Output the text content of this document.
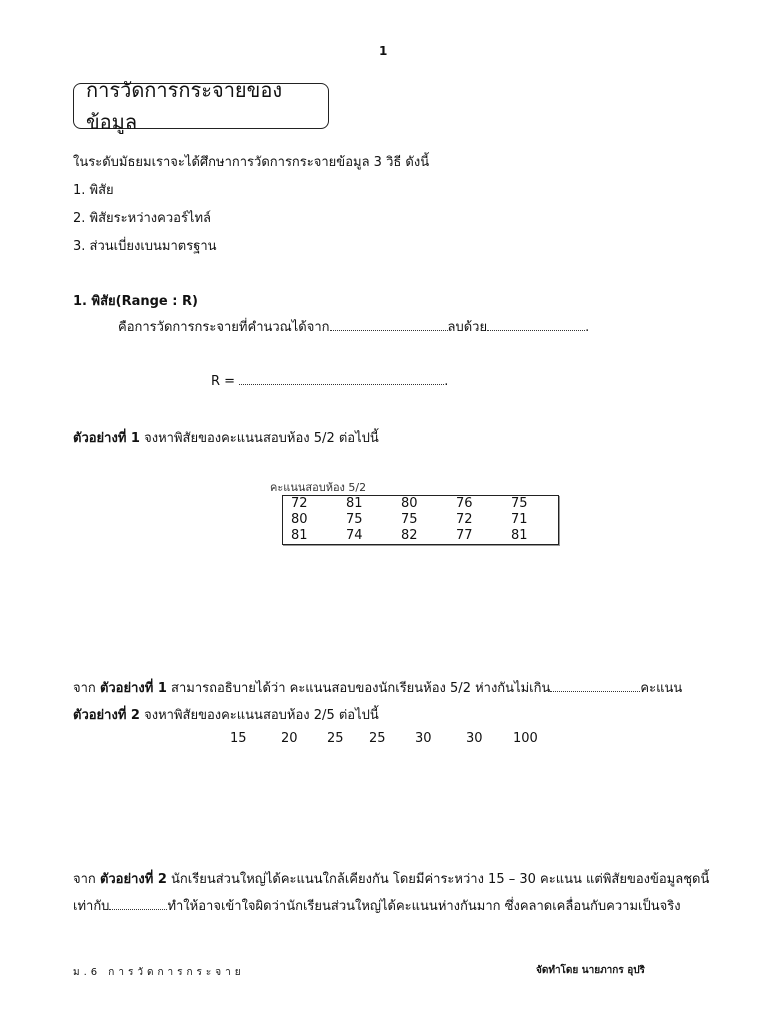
1
การวัดการกระจายของข้อมูล
ในระดับมัธยมเราจะได้ศึกษาการวัดการกระจายข้อมูล 3 วิธี ดังนี้
1. พิสัย
2. พิสัยระหว่างควอร์ไทล์
3. ส่วนเบี่ยงเบนมาตรฐาน
1. พิสัย(Range : R)
คือการวัดการกระจายที่คำนวณได้จาก	ลบด้วย	.
R =	.
ตัวอย่างที่ 1 จงหาพิสัยของคะแนนสอบห้อง 5/2 ต่อไปนี้
คะแนนสอบห้อง 5/2
72	81	80	76	75
80	75	75	72	71
81	74	82	77	81
จาก ตัวอย่างที่ 1 สามารถอธิบายได้ว่า คะแนนสอบของนักเรียนห้อง 5/2 ห่างกันไม่เกิน	คะแนน
ตัวอย่างที่ 2 จงหาพิสัยของคะแนนสอบห้อง 2/5 ต่อไปนี้
15	20 25 25 30	30 100
จาก ตัวอย่างที่ 2 นักเรียนส่วนใหญ่ได้คะแนนใกล้เคียงกัน โดยมีค่าระหว่าง 15 – 30 คะแนน แต่พิสัยของข้อมูลชุดนี้
เท่ากับ	ทำให้อาจเข้าใจผิดว่านักเรียนส่วนใหญ่ได้คะแนนห่างกันมาก ซึ่งคลาดเคลื่อนกับความเป็นจริง
ม.6 การวัดการกระจาย	จัดทำโดย นายภากร อุปริ
